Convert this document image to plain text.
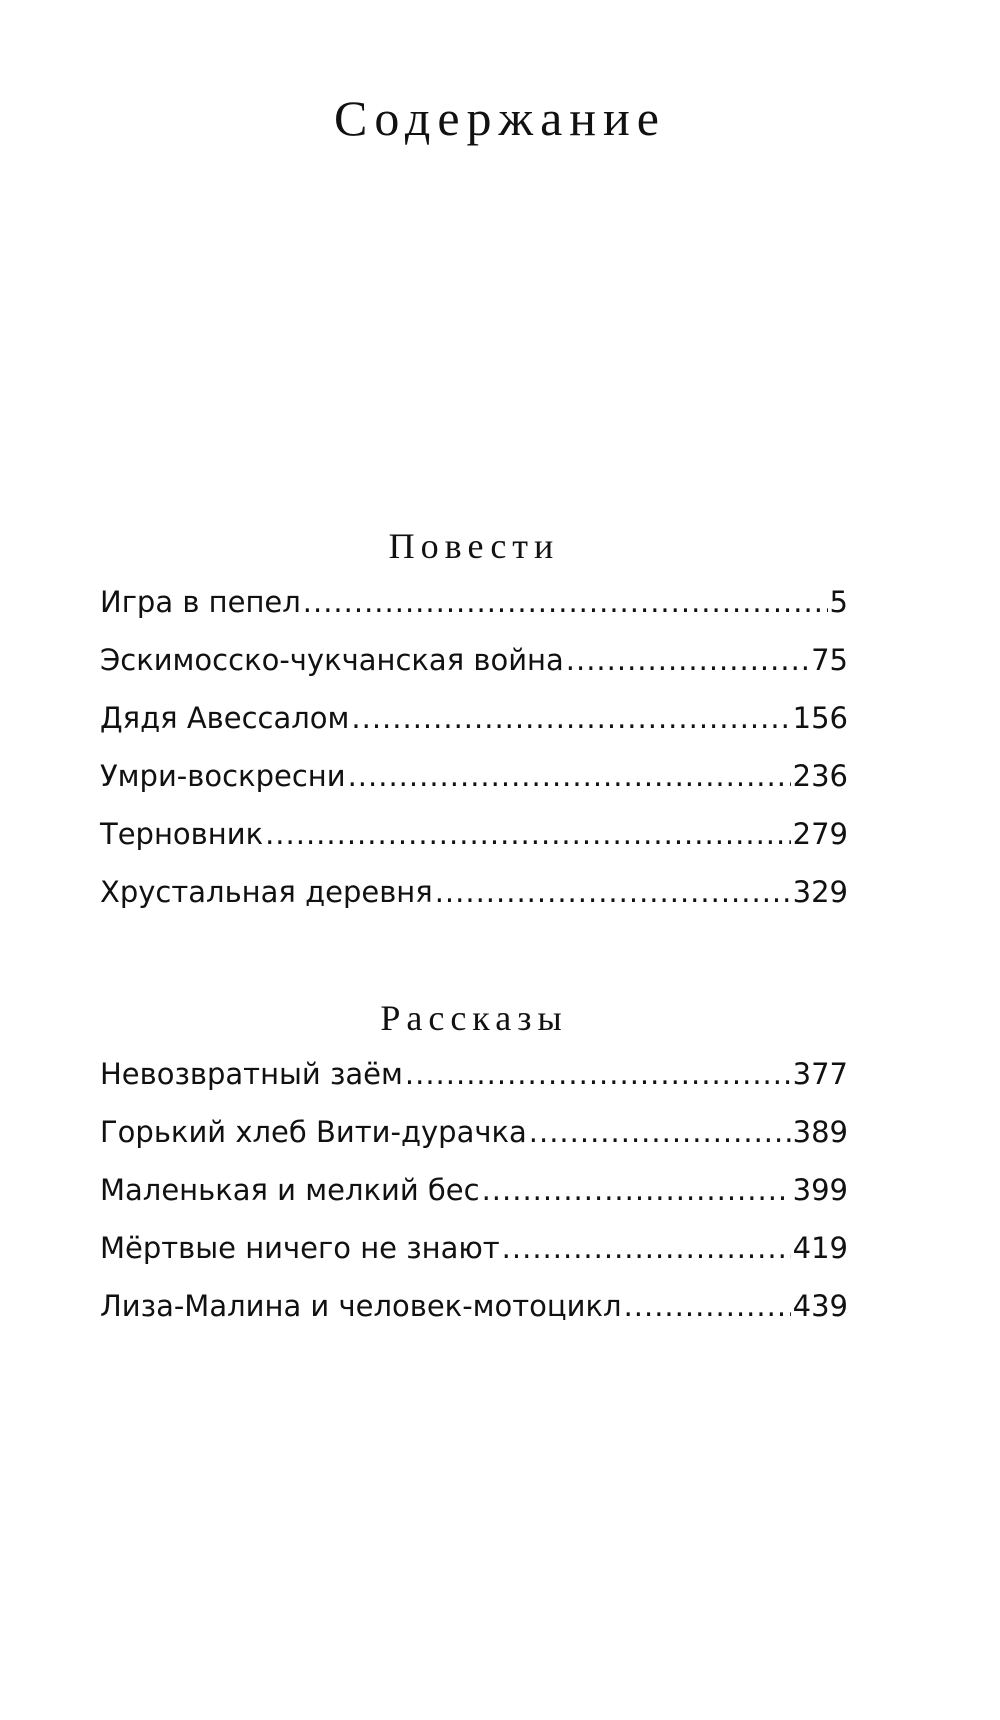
Содержание
Повести
Игра в пепел .....	5
Эскимосско-чукчанская война .....	75
Дядя Авессалом .....	156
Умри-воскресни .....	236
Терновник .....	279
Хрустальная деревня .....	329
Рассказы
Невозвратный заём .....	377
Горький хлеб Вити-дурачка .....	389
Маленькая и мелкий бес .....	399
Мёртвые ничего не знают .....	419
Лиза-Малина и человек-мотоцикл .....	439
